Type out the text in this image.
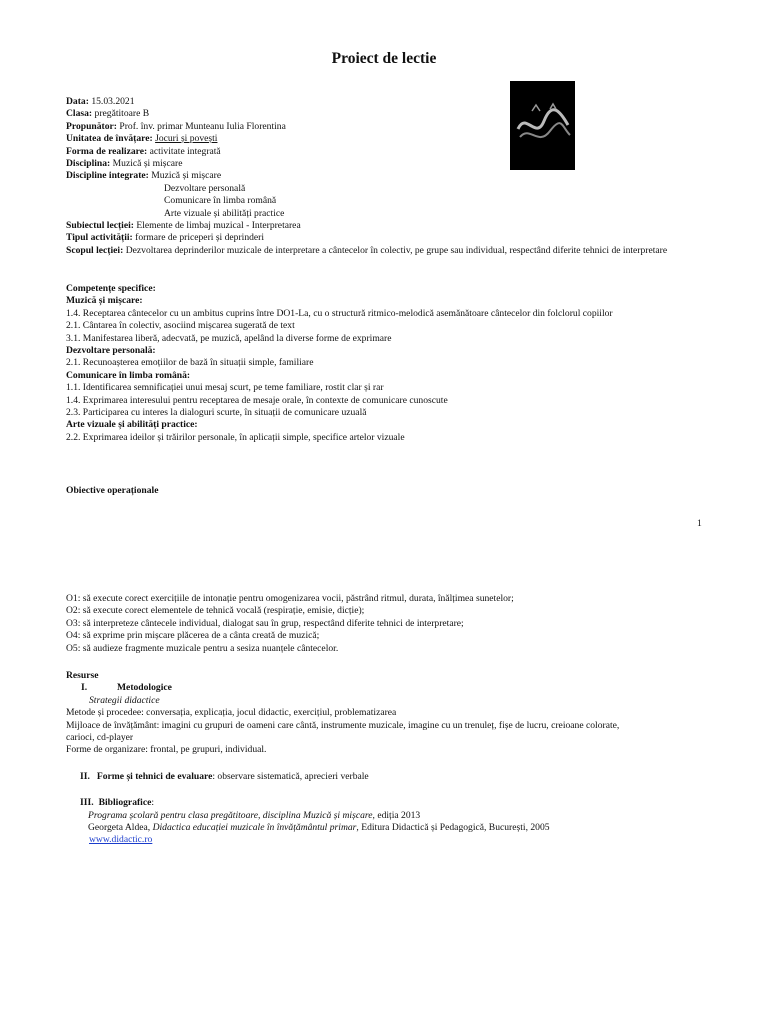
Proiect de lectie
Data: 15.03.2021
Clasa: pregătitoare B
Propunător: Prof. înv. primar Munteanu Iulia Florentina
Unitatea de învățare: Jocuri și povești
Forma de realizare: activitate integrată
Disciplina: Muzică și mișcare
Discipline integrate: Muzică și mișcare
Dezvoltare personală
Comunicare în limba română
Arte vizuale și abilități practice
Subiectul lecției: Elemente de limbaj muzical - Interpretarea
Tipul activității: formare de priceperi și deprinderi
Scopul lecției: Dezvoltarea deprinderilor muzicale de interpretare a cântecelor în colectiv, pe grupe sau individual, respectând diferite tehnici de interpretare
Competențe specifice:
Muzică și mișcare:
1.4. Receptarea cântecelor cu un ambitus cuprins între DO1-La, cu o structură ritmico-melodică asemănătoare cântecelor din folclorul copiilor
2.1. Cântarea în colectiv, asociind mișcarea sugerată de text
3.1. Manifestarea liberă, adecvată, pe muzică, apelând la diverse forme de exprimare
Dezvoltare personală:
2.1. Recunoașterea emoțiilor de bază în situații simple, familiare
Comunicare în limba română:
1.1. Identificarea semnificației unui mesaj scurt, pe teme familiare, rostit clar și rar
1.4. Exprimarea interesului pentru receptarea de mesaje orale, în contexte de comunicare cunoscute
2.3. Participarea cu interes la dialoguri scurte, în situații de comunicare uzuală
Arte vizuale și abilități practice:
2.2. Exprimarea ideilor și trăirilor personale, în aplicații simple, specifice artelor vizuale
Obiective operaționale
1
O1: să execute corect exercițiile de intonație pentru omogenizarea vocii, păstrând ritmul, durata, înălțimea sunetelor;
O2: să execute corect elementele de tehnică vocală (respirație, emisie, dicție);
O3: să interpreteze cântecele individual, dialogat sau în grup, respectând diferite tehnici de interpretare;
O4: să exprime prin mișcare plăcerea de a cânta creată de muzică;
O5: să audieze fragmente muzicale pentru a sesiza nuanțele cântecelor.
Resurse
I.	Metodologice
Strategii didactice
Metode și procedee: conversația, explicația, jocul didactic, exercițiul, problematizarea
Mijloace de învățământ: imagini cu grupuri de oameni care cântă, instrumente muzicale, imagine cu un trenuleț, fișe de lucru, creioane colorate,
carioci, cd-player
Forme de organizare: frontal, pe grupuri, individual.
II. Forme și tehnici de evaluare: observare sistematică, aprecieri verbale
III. Bibliografice:
Programa școlară pentru clasa pregătitoare, disciplina Muzică și mișcare, ediția 2013
Georgeta Aldea, Didactica educației muzicale în învățământul primar, Editura Didactică și Pedagogică, București, 2005
www.didactic.ro
